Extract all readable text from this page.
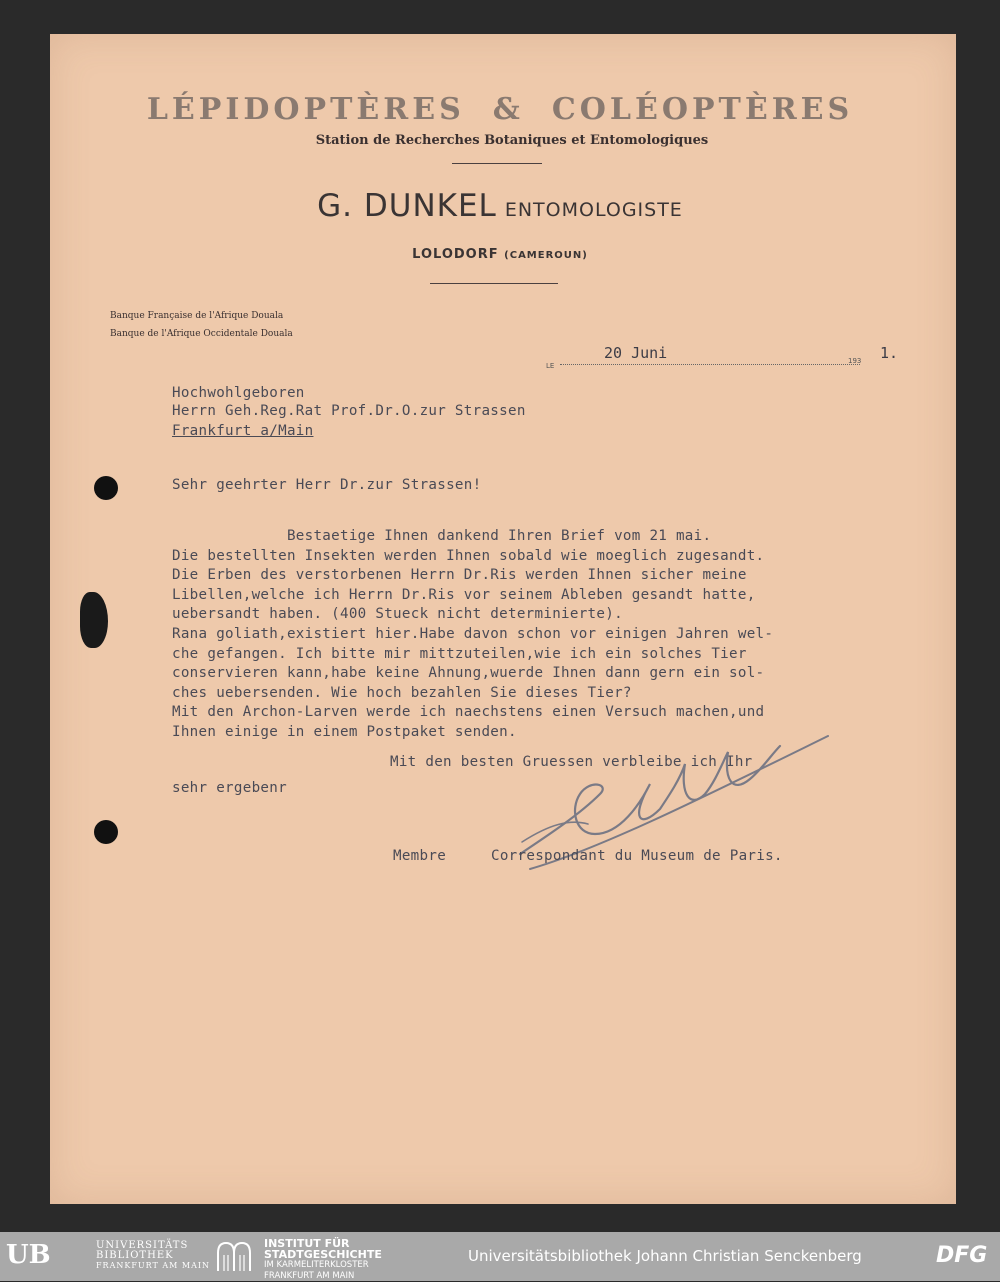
LÉPIDOPTÈRES & COLÉOPTÈRES
Station de Recherches Botaniques et Entomologiques
G. DUNKEL ENTOMOLOGISTE
LOLODORF (CAMEROUN)
Banque Française de l'Afrique Douala
Banque de l'Afrique Occidentale Douala
LE
20 Juni	193 1.
Hochwohlgeboren
Herrn Geh.Reg.Rat Prof.Dr.O.zur Strassen
Frankfurt a/Main
Sehr geehrter Herr Dr.zur Strassen!
Bestaetige Ihnen dankend Ihren Brief vom 21 mai.
Die bestellten Insekten werden Ihnen sobald wie moeglich zugesandt.
Die Erben des verstorbenen Herrn Dr.Ris werden Ihnen sicher meine
Libellen,welche ich Herrn Dr.Ris vor seinem Ableben gesandt hatte,
uebersandt haben. (400 Stueck nicht determinierte).
Rana goliath,existiert hier.Habe davon schon vor einigen Jahren wel-
che gefangen. Ich bitte mir mittzuteilen,wie ich ein solches Tier
conservieren kann,habe keine Ahnung,wuerde Ihnen dann gern ein sol-
ches uebersenden. Wie hoch bezahlen Sie dieses Tier?
Mit den Archon-Larven werde ich naechstens einen Versuch machen,und
Ihnen einige in einem Postpaket senden.
Mit den besten Gruessen verbleibe ich Ihr
sehr ergebenr
Membre	Correspondant du Museum de Paris.
UB	UNIVERSITÄTS
BIBLIOTHEK
FRANKFURT AM MAIN
INSTITUT FÜR
STADTGESCHICHTE
IM KARMELITERKLOSTER
FRANKFURT AM MAIN
Universitätsbibliothek Johann Christian Senckenberg	DFG
